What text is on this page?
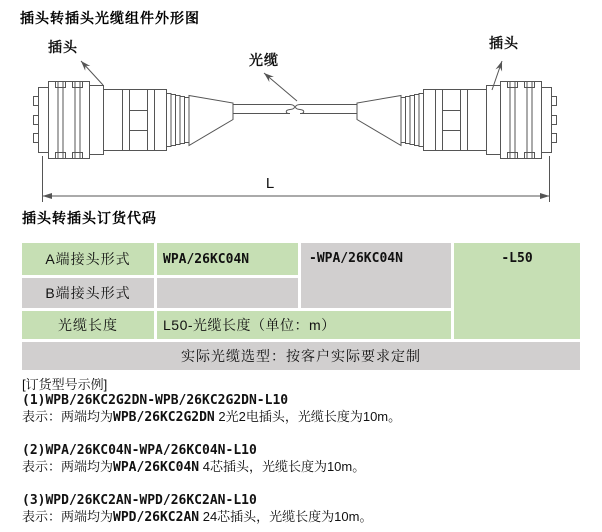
插头转插头光缆组件外形图
L
插头
光缆
插头
插头转插头订货代码
A端接头形式	WPA/26KC04N	-WPA/26KC04N	-L50
B端接头形式
光缆长度	L50-光缆长度（单位：m）
实际光缆选型：按客户实际要求定制
[订货型号示例]
(1)WPB/26KC2G2DN-WPB/26KC2G2DN-L10
表示：两端均为WPB/26KC2G2DN 2光2电插头，光缆长度为10m。
(2)WPA/26KC04N-WPA/26KC04N-L10
表示：两端均为WPA/26KC04N 4芯插头，光缆长度为10m。
(3)WPD/26KC2AN-WPD/26KC2AN-L10
表示：两端均为WPD/26KC2AN 24芯插头，光缆长度为10m。
